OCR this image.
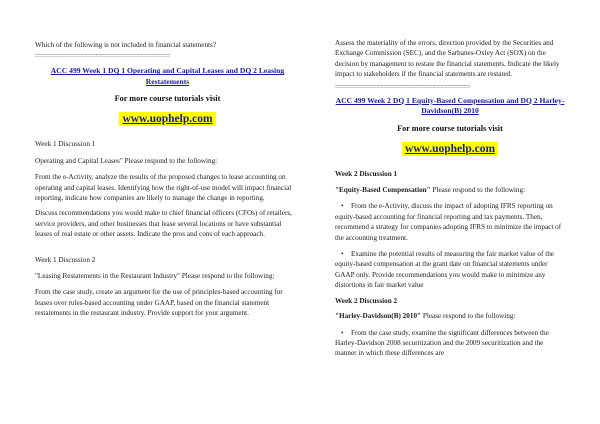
Which of the following is not included in financial statements?

====================================
ACC 499 Week 1 DQ 1 Operating and Capital Leases and DQ 2 Leasing Restatements

For more course tutorials visit

www.uophelp.com

Week 1 Discussion 1

Operating and Capital Leases" Please respond to the following:

From the e-Activity, analyze the results of the proposed changes to lease accounting on operating and capital leases. Identifying how the right-of-use model will impact financial reporting, indicate how companies are likely to manage the change in reporting.

Discuss recommendations you would make to chief financial officers (CFOs) of retailers, service providers, and other businesses that lease several locations or have substantial leases of real estate or other assets. Indicate the pros and cons of each approach.

Week 1 Discussion 2

"Leasing Restatements in the Restaurant Industry" Please respond to the following:

From the case study, create an argument for the use of principles-based accounting for leases over rules-based accounting under GAAP, based on the financial statement restatements in the restaurant industry. Provide support for your argument.

Assess the materiality of the errors, direction provided by the Securities and Exchange Commission (SEC), and the Sarbanes-Oxley Act (SOX) on the decision by management to restate the financial statements. Indicate the likely impact to stakeholders if the financial statements are restated.

====================================
ACC 499 Week 2 DQ 1 Equity-Based Compensation and DQ 2 Harley-Davidson(B) 2010

For more course tutorials visit

www.uophelp.com

Week 2 Discussion 1

"Equity-Based Compensation" Please respond to the following:

• From the e-Activity, discuss the impact of adopting IFRS reporting on equity-based accounting for financial reporting and tax payments. Then, recommend a strategy for companies adopting IFRS to minimize the impact of the accounting treatment.

• Examine the potential results of measuring the fair market value of the equity-based compensation at the grant date on financial statements under GAAP only. Provide recommendations you would make to minimize any distortions in fair market value

Week 2 Discussion 2

"Harley-Davidson(B) 2010" Please respond to the following:

• From the case study, examine the significant differences between the Harley-Davidson 2008 securitization and the 2009 securitization and the manner in which these differences are
